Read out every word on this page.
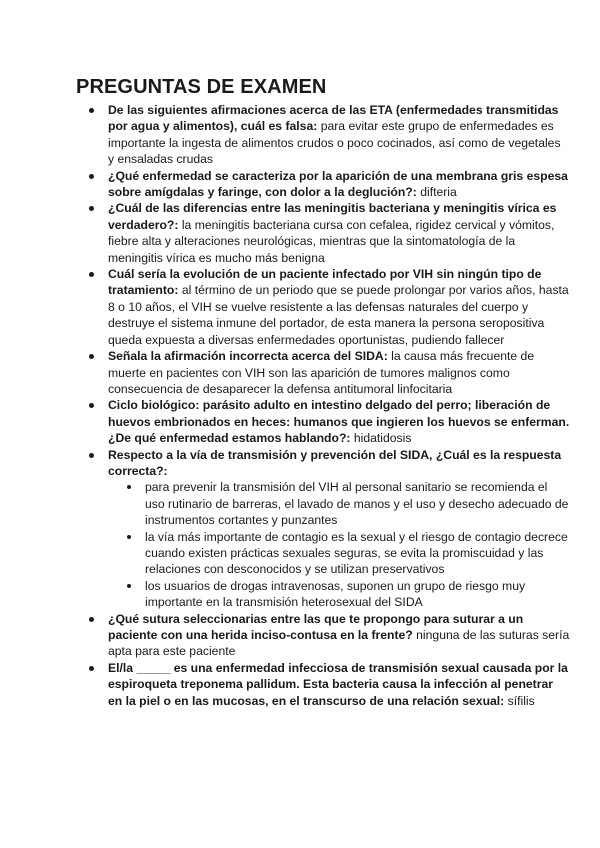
PREGUNTAS DE EXAMEN
De las siguientes afirmaciones acerca de las ETA (enfermedades transmitidas por agua y alimentos), cuál es falsa: para evitar este grupo de enfermedades es importante la ingesta de alimentos crudos o poco cocinados, así como de vegetales y ensaladas crudas
¿Qué enfermedad se caracteriza por la aparición de una membrana gris espesa sobre amígdalas y faringe, con dolor a la deglución?: difteria
¿Cuál de las diferencias entre las meningitis bacteriana y meningitis vírica es verdadero?: la meningitis bacteriana cursa con cefalea, rigidez cervical y vómitos, fiebre alta y alteraciones neurológicas, mientras que la sintomatología de la meningitis vírica es mucho más benigna
Cuál sería la evolución de un paciente infectado por VIH sin ningún tipo de tratamiento: al término de un periodo que se puede prolongar por varios años, hasta 8 o 10 años, el VIH se vuelve resistente a las defensas naturales del cuerpo y destruye el sistema inmune del portador, de esta manera la persona seropositiva queda expuesta a diversas enfermedades oportunistas, pudiendo fallecer
Señala la afirmación incorrecta acerca del SIDA: la causa más frecuente de muerte en pacientes con VIH son las aparición de tumores malignos como consecuencia de desaparecer la defensa antitumoral linfocitaria
Ciclo biológico: parásito adulto en intestino delgado del perro; liberación de huevos embrionados en heces: humanos que ingieren los huevos se enferman. ¿De qué enfermedad estamos hablando?: hidatidosis
Respecto a la vía de transmisión y prevención del SIDA, ¿Cuál es la respuesta correcta?:
para prevenir la transmisión del VIH al personal sanitario se recomienda el uso rutinario de barreras, el lavado de manos y el uso y desecho adecuado de instrumentos cortantes y punzantes
la vía más importante de contagio es la sexual y el riesgo de contagio decrece cuando existen prácticas sexuales seguras, se evita la promiscuidad y las relaciones con desconocidos y se utilizan preservativos
los usuarios de drogas intravenosas, suponen un grupo de riesgo muy importante en la transmisión heterosexual del SIDA
¿Qué sutura seleccionarias entre las que te propongo para suturar a un paciente con una herida inciso-contusa en la frente? ninguna de las suturas sería apta para este paciente
El/la _____ es una enfermedad infecciosa de transmisión sexual causada por la espiroqueta treponema pallidum. Esta bacteria causa la infección al penetrar en la piel o en las mucosas, en el transcurso de una relación sexual: sífilis
